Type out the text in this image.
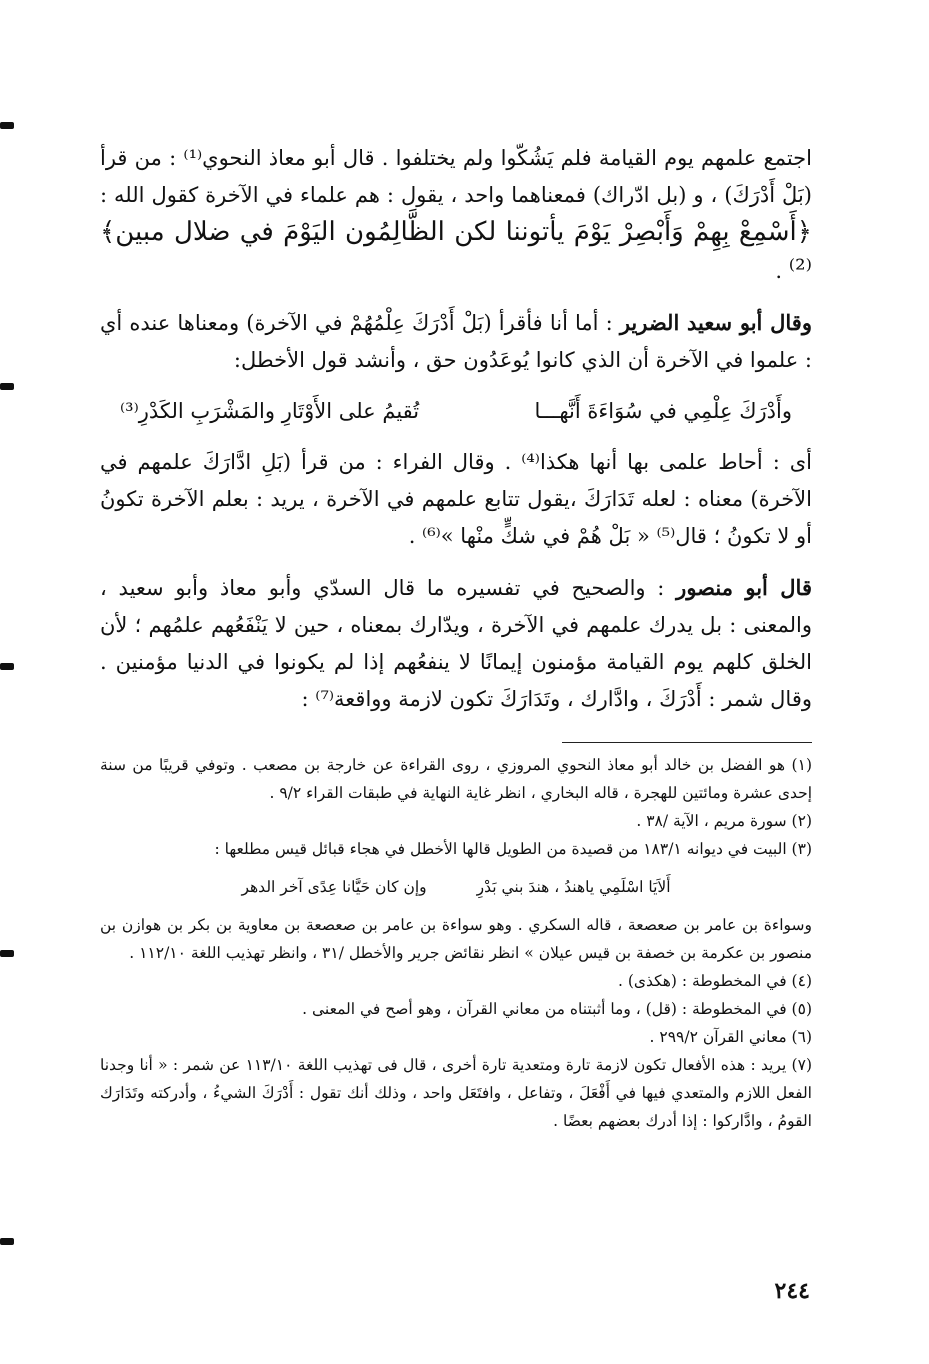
اجتمع علمهم يوم القيامة فلم يَشُكّوا ولم يختلفوا . قال أبو معاذ النحوي⁽¹⁾ : من قرأ (بَلْ أَدْرَكَ) ، و (بل ادّراك) فمعناهما واحد ، يقول : هم علماء في الآخرة كقول الله : ﴿أَسْمِعْ بِهِمْ وَأَبْصِرْ يَوْمَ يأتوننا لكن الظَّالِمُون اليَوْمَ في ضلال مبين﴾⁽²⁾ .

وقال أبو سعيد الضرير : أما أنا فأقرأ (بَلْ أَدْرَكَ عِلْمُهُمْ في الآخرة) ومعناها عنده أي : علموا في الآخرة أن الذي كانوا يُوعَدُون حق ، وأنشد قول الأخطل:

وأَدْرَكَ عِلْمِي في سُوَاءَةَ أَنَّهـــا
تُقيمُ على الأَوْتَارِ والمَشْرَبِ الكَدْرِ⁽³⁾

أى : أحاط علمى بها أنها هكذا⁽⁴⁾ . وقال الفراء : من قرأ (بَلِ ادَّارَكَ علمهم في الآخرة) معناه : لعله تَدَارَكَ ،يقول تتابع علمهم في الآخرة ، يريد : بعلم الآخرة تكونُ أو لا تكونُ ؛ قال⁽⁵⁾ « بَلْ هُمْ في شكٍّ منْها »⁽⁶⁾ .

قال أبو منصور : والصحيح في تفسيره ما قال السدّي وأبو معاذ وأبو سعيد ، والمعنى : بل يدرك علمهم في الآخرة ، ويدّارك بمعناه ، حين لا يَنْفَعُهم علمُهم ؛ لأن الخلق كلهم يوم القيامة مؤمنون إيمانًا لا ينفعُهم إذا لم يكونوا في الدنيا مؤمنين . وقال شمر : أَدْرَكَ ، وادَّارك ، وتَدَارَكَ تكون لازمة وواقعة⁽⁷⁾ :

(١) هو الفضل بن خالد أبو معاذ النحوي المروزي ، روى القراءة عن خارجة بن مصعب . وتوفي قريبًا من سنة إحدى عشرة ومائتين للهجرة ، قاله البخاري ، انظر غاية النهاية في طبقات القراء ٩/٢ .

(٢) سورة مريم ، الآية /٣٨ .

(٣) البيت في ديوانه ١٨٣/١ من قصيدة من الطويل قالها الأخطل في هجاء قبائل قيس مطلعها :

أَلاَيَا اسْلَمِي ياهندُ ، هندَ بني بَدْرِ
وإن كان حَيَّانا عِدًى آخر الدهر

وسواءة بن عامر بن صعصعة ، قاله السكري . وهو سواءة بن عامر بن صعصعة بن معاوية بن بكر بن هوازن بن منصور بن عكرمة بن خصفة بن قيس عيلان » انظر نقائض جرير والأخطل /٣١ ، وانظر تهذيب اللغة ١١٢/١٠ .

(٤) في المخطوطة : (هكذى) .

(٥) في المخطوطة : (قل) ، وما أثبتناه من معاني القرآن ، وهو أصح في المعنى .

(٦) معاني القرآن ٢٩٩/٢ .

(٧) يريد : هذه الأفعال تكون لازمة تارة ومتعدية تارة أخرى ، قال فى تهذيب اللغة ١١٣/١٠ عن شمر : « أنا وجدنا الفعل اللازم والمتعدي فيها في أَفْعَلَ ، وتفاعل ، وافتَعَل واحد ، وذلك أنك تقول : أَدْرَكَ الشيءُ ، وأدركته وتَدَارَك القومُ ، وادَّاركوا : إذا أدرك بعضهم بعضًا .

٢٤٤
